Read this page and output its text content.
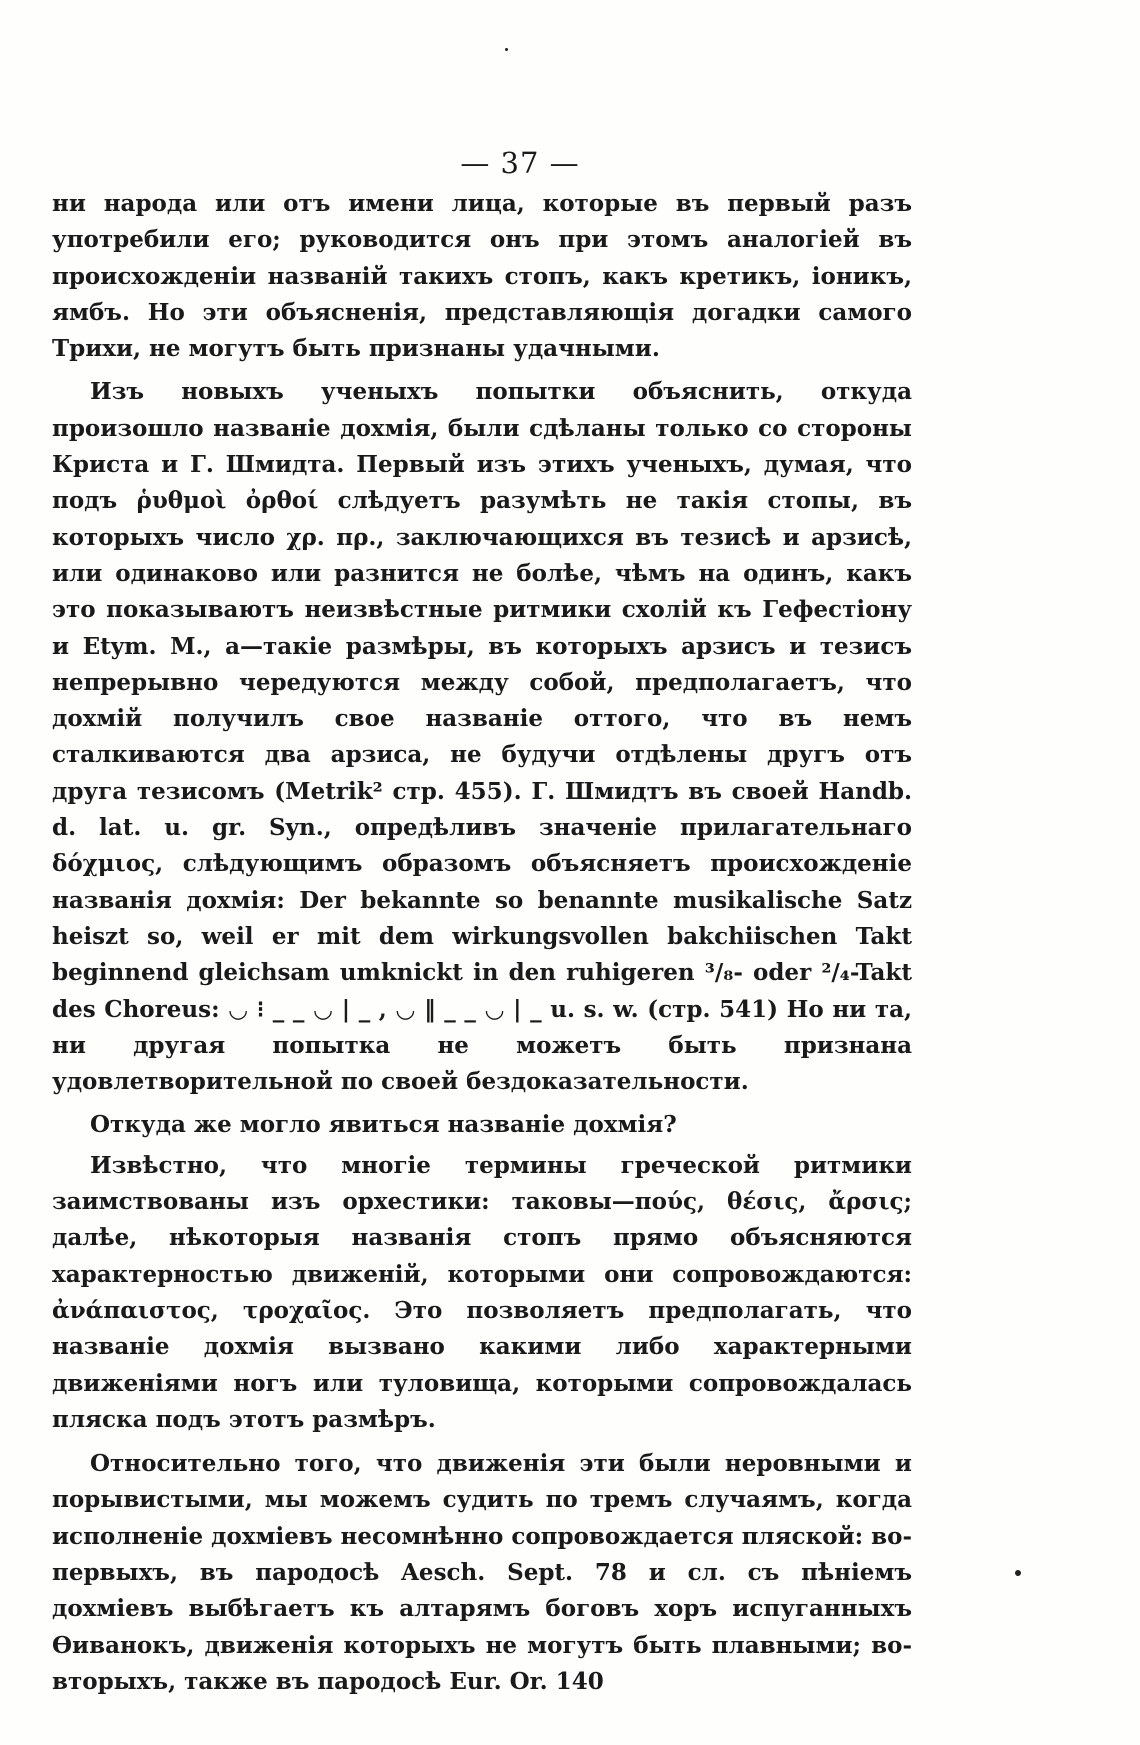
— 37 —

ни народа или отъ имени лица, которые въ первый разъ употребили его; руководится онъ при этомъ аналогіей въ происхожденіи названій такихъ стопъ, какъ кретикъ, іоникъ, ямбъ. Но эти объясненія, представляющія догадки самого Трихи, не могутъ быть признаны удачными.

Изъ новыхъ ученыхъ попытки объяснить, откуда произошло названіе дохмія, были сдѣланы только со стороны Криста и Г. Шмидта. Первый изъ этихъ ученыхъ, думая, что подъ ῥυθμοὶ ὀρθοί слѣдуетъ разумѣть не такія стопы, въ которыхъ число χρ. πρ., заключающихся въ тезисѣ и арзисѣ, или одинаково или разнится не болѣе, чѣмъ на одинъ, какъ это показываютъ неизвѣстные ритмики схолій къ Гефестіону и Etym. M., а—такіе размѣры, въ которыхъ арзисъ и тезисъ непрерывно чередуются между собой, предполагаетъ, что дохмій получилъ свое названіе оттого, что въ немъ сталкиваются два арзиса, не будучи отдѣлены другъ отъ друга тезисомъ (Metrik² стр. 455). Г. Шмидтъ въ своей Handb. d. lat. u. gr. Syn., опредѣливъ значеніе прилагательнаго δόχμιος, слѣдующимъ образомъ объясняетъ происхожденіе названія дохмія: Der bekannte so benannte musikalische Satz heiszt so, weil er mit dem wirkungsvollen bakchiischen Takt beginnend gleichsam umknickt in den ruhigeren ³/₈- oder ²/₄-Takt des Choreus: ◡ ⁝ _ _ ◡ | _ , ◡ ‖ _ _ ◡ | _ u. s. w. (стр. 541) Но ни та, ни другая попытка не можетъ быть признана удовлетворительной по своей бездоказательности.

Откуда же могло явиться названіе дохмія?

Извѣстно, что многіе термины греческой ритмики заимствованы изъ орхестики: таковы—πούς, θέσις, ἄρσις; далѣе, нѣкоторыя названія стопъ прямо объясняются характерностью движеній, которыми они сопровождаются: ἀνάπαιστος, τροχαῖος. Это позволяетъ предполагать, что названіе дохмія вызвано какими либо характерными движеніями ногъ или туловища, которыми сопровождалась пляска подъ этотъ размѣръ.

Относительно того, что движенія эти были неровными и порывистыми, мы можемъ судить по тремъ случаямъ, когда исполненіе дохміевъ несомнѣнно сопровождается пляской: во-первыхъ, въ пародосѣ Aesch. Sept. 78 и сл. съ пѣніемъ дохміевъ выбѣгаетъ къ алтарямъ боговъ хоръ испуганныхъ Ѳиванокъ, движенія которыхъ не могутъ быть плавными; во-вторыхъ, также въ пародосѣ Eur. Or. 140
